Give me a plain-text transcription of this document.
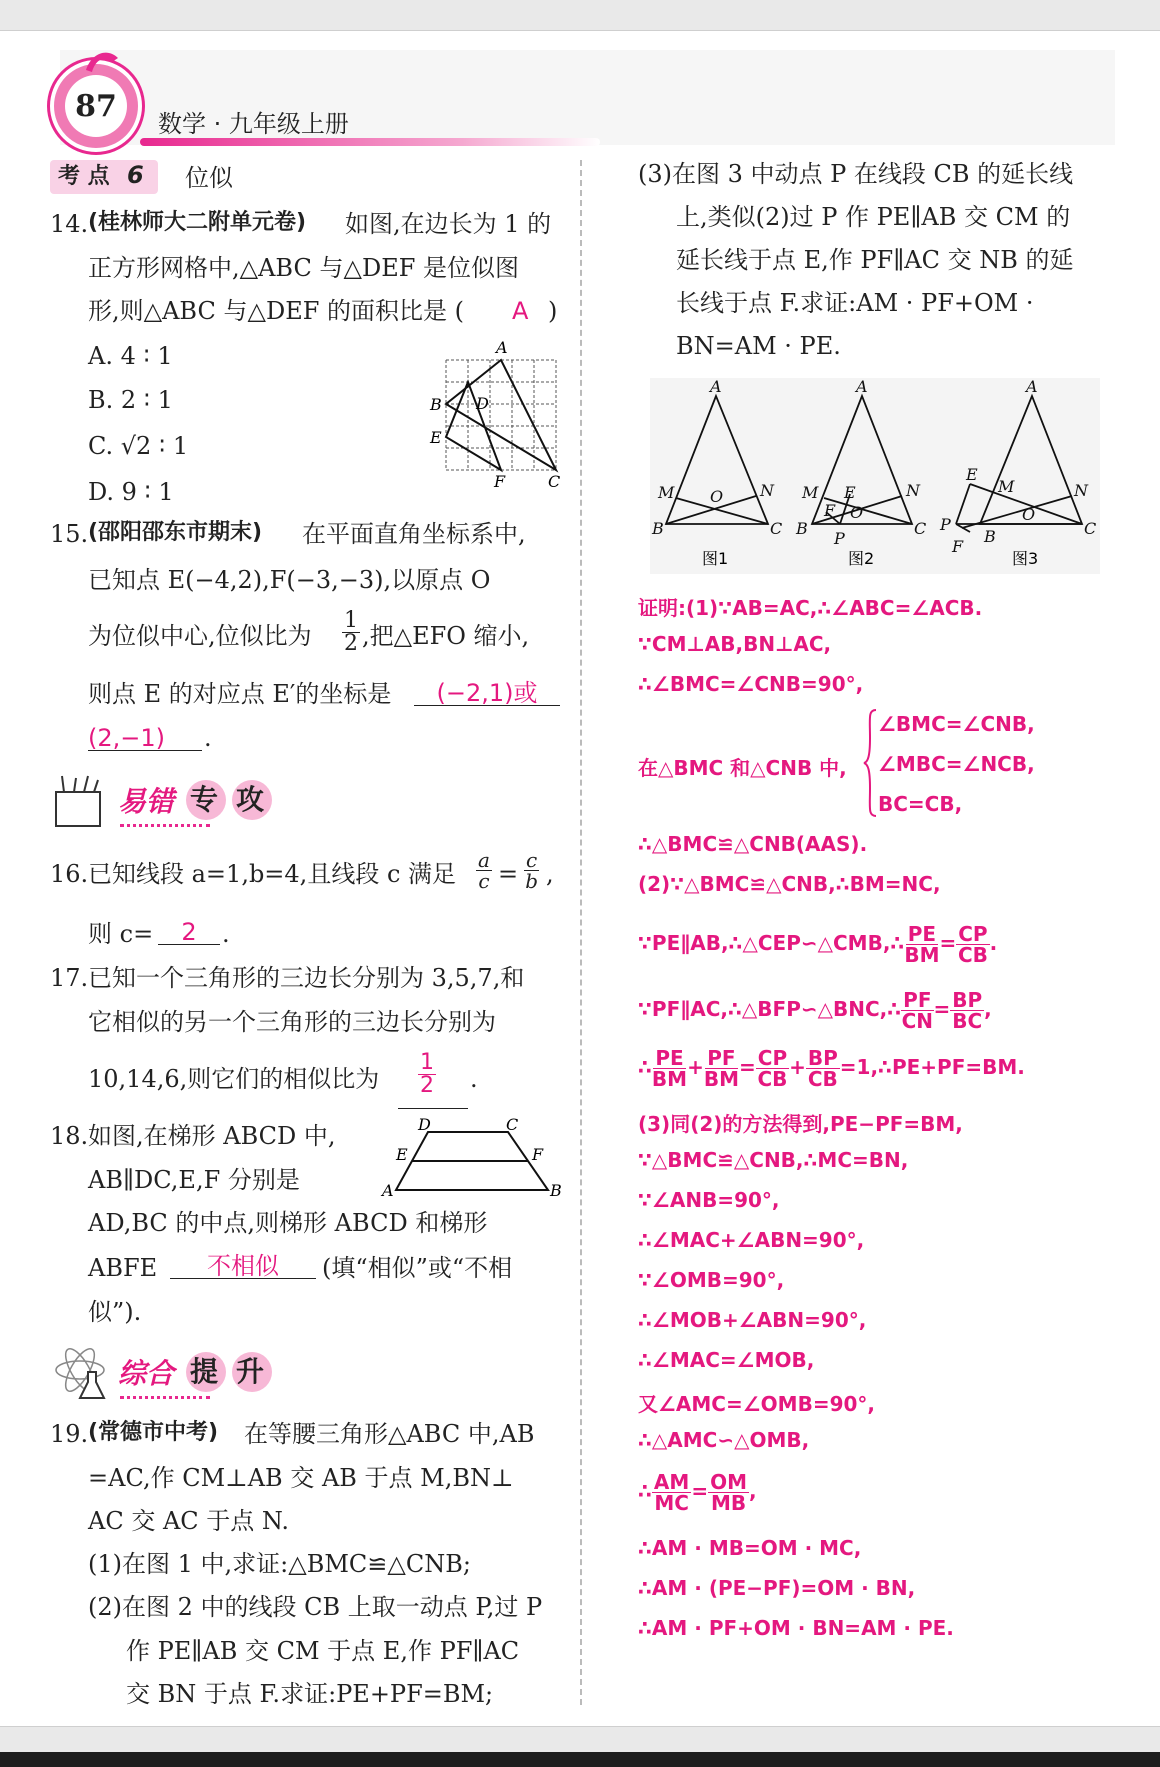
87
数学 · 九年级上册
考 点 6 位似
14. (桂林师大二附单元卷) 如图,在边长为 1 的
正方形网格中,△ABC 与△DEF 是位似图
形,则△ABC 与△DEF 的面积比是 ( A )
A. 4 ∶ 1
B. 2 ∶ 1
C. √2 ∶ 1
D. 9 ∶ 1
A
B D
E
F	C
15. (邵阳邵东市期末) 在平面直角坐标系中,
已知点 E(−4,2),F(−3,−3),以原点 O
为位似中心,位似比为 $\frac{1}{2}$ ,把△EFO 缩小,
则点 E 的对应点 E′的坐标是	(−2,1)或
(2,−1)	.
易错 专 攻
16. 已知线段 a=1,b=4,且线段 c 满足 $\frac{a}{c} = \frac{c}{b}$ ,
则 c=	2	.
17. 已知一个三角形的三边长分别为 3,5,7,和
它相似的另一个三角形的三边长分别为
10,14,6,则它们的相似比为 $\frac{1}{2}$ .
18. 如图,在梯形 ABCD 中,
AB∥DC,E,F 分别是
AD,BC 的中点,则梯形 ABCD 和梯形
ABFE	不相似	(填“相似”或“不相
似”).
D	C
E	F
A	B
综合 提 升
19. (常德市中考) 在等腰三角形△ABC 中,AB
=AC,作 CM⊥AB 交 AB 于点 M,BN⊥
AC 交 AC 于点 N.
(1)在图 1 中,求证:△BMC≌△CNB;
(2)在图 2 中的线段 CB 上取一动点 P,过 P
作 PE∥AB 交 CM 于点 E,作 PF∥AC
交 BN 于点 F.求证:PE+PF=BM;
(3)在图 3 中动点 P 在线段 CB 的延长线
上,类似(2)过 P 作 PE∥AB 交 CM 的
延长线于点 E,作 PF∥AC 交 NB 的延
长线于点 F.求证:AM · PF+OM ·
BN=AM · PE.
A
M O N
B	C
图1
A
M E	N
F O
B
P
C
图2
A
E
M	N
P
B
O
C
F
图3
证明:(1)∵AB=AC,∴∠ABC=∠ACB.
∵CM⊥AB,BN⊥AC,
∴∠BMC=∠CNB=90°,
在△BMC 和△CNB 中,
∠BMC=∠CNB,
∠MBC=∠NCB,
BC=CB,
∴△BMC≌△CNB(AAS).
(2)∵△BMC≌△CNB,∴BM=NC,
∵PE∥AB,∴△CEP∽△CMB,∴ $\frac{PE}{BM} = \frac{CP}{CB}$ .
∵PF∥AC,∴△BFP∽△BNC,∴ $\frac{PF}{CN} = \frac{BP}{BC}$ ,
∴ $\frac{PE}{BM} + \frac{PF}{BM} = \frac{CP}{CB} + \frac{BP}{CB}$ =1,∴PE+PF=BM.
(3)同(2)的方法得到,PE−PF=BM,
∵△BMC≌△CNB,∴MC=BN,
∵∠ANB=90°,
∴∠MAC+∠ABN=90°,
∵∠OMB=90°,
∴∠MOB+∠ABN=90°,
∴∠MAC=∠MOB,
又∠AMC=∠OMB=90°,
∴△AMC∽△OMB,
∴ $\frac{AM}{MC} = \frac{OM}{MB}$ ,
∴AM · MB=OM · MC,
∴AM · (PE−PF)=OM · BN,
∴AM · PF+OM · BN=AM · PE.
